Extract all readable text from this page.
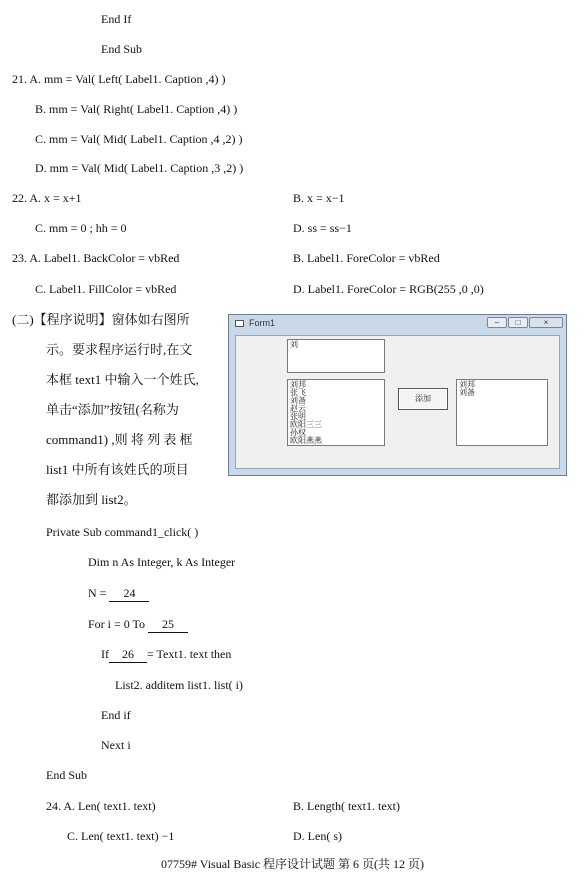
End If
End Sub
21. A. mm = Val( Left( Label1. Caption ,4) )
B. mm = Val( Right( Label1. Caption ,4) )
C. mm = Val( Mid( Label1. Caption ,4 ,2) )
D. mm = Val( Mid( Label1. Caption ,3 ,2) )
22. A. x = x+1	B. x = x−1
C. mm = 0 ; hh = 0	D. ss = ss−1
23. A. Label1. BackColor = vbRed	B. Label1. ForeColor = vbRed
C. Label1. FillColor = vbRed	D. Label1. ForeColor = RGB(255 ,0 ,0)
(二)【程序说明】窗体如右图所
示。要求程序运行时,在文
本框 text1 中输入一个姓氏,
单击“添加”按钮(名称为
command1) ,则 将 列 表 框
list1 中所有该姓氏的项目
都添加到 list2。
Form1	–	□	×
刘
刘邦
张飞
刘备
赵云
张明
欧阳三三
孙权
欧阳燕燕
添加
刘邦
刘备
Private Sub command1_click( )
Dim n As Integer, k As Integer
N = 24
For i = 0 To 25
If 26 = Text1. text then
List2. additem list1. list( i)
End if
Next i
End Sub
24. A. Len( text1. text)	B. Length( text1. text)
C. Len( text1. text) −1	D. Len( s)
07759# Visual Basic 程序设计试题 第 6 页(共 12 页)
